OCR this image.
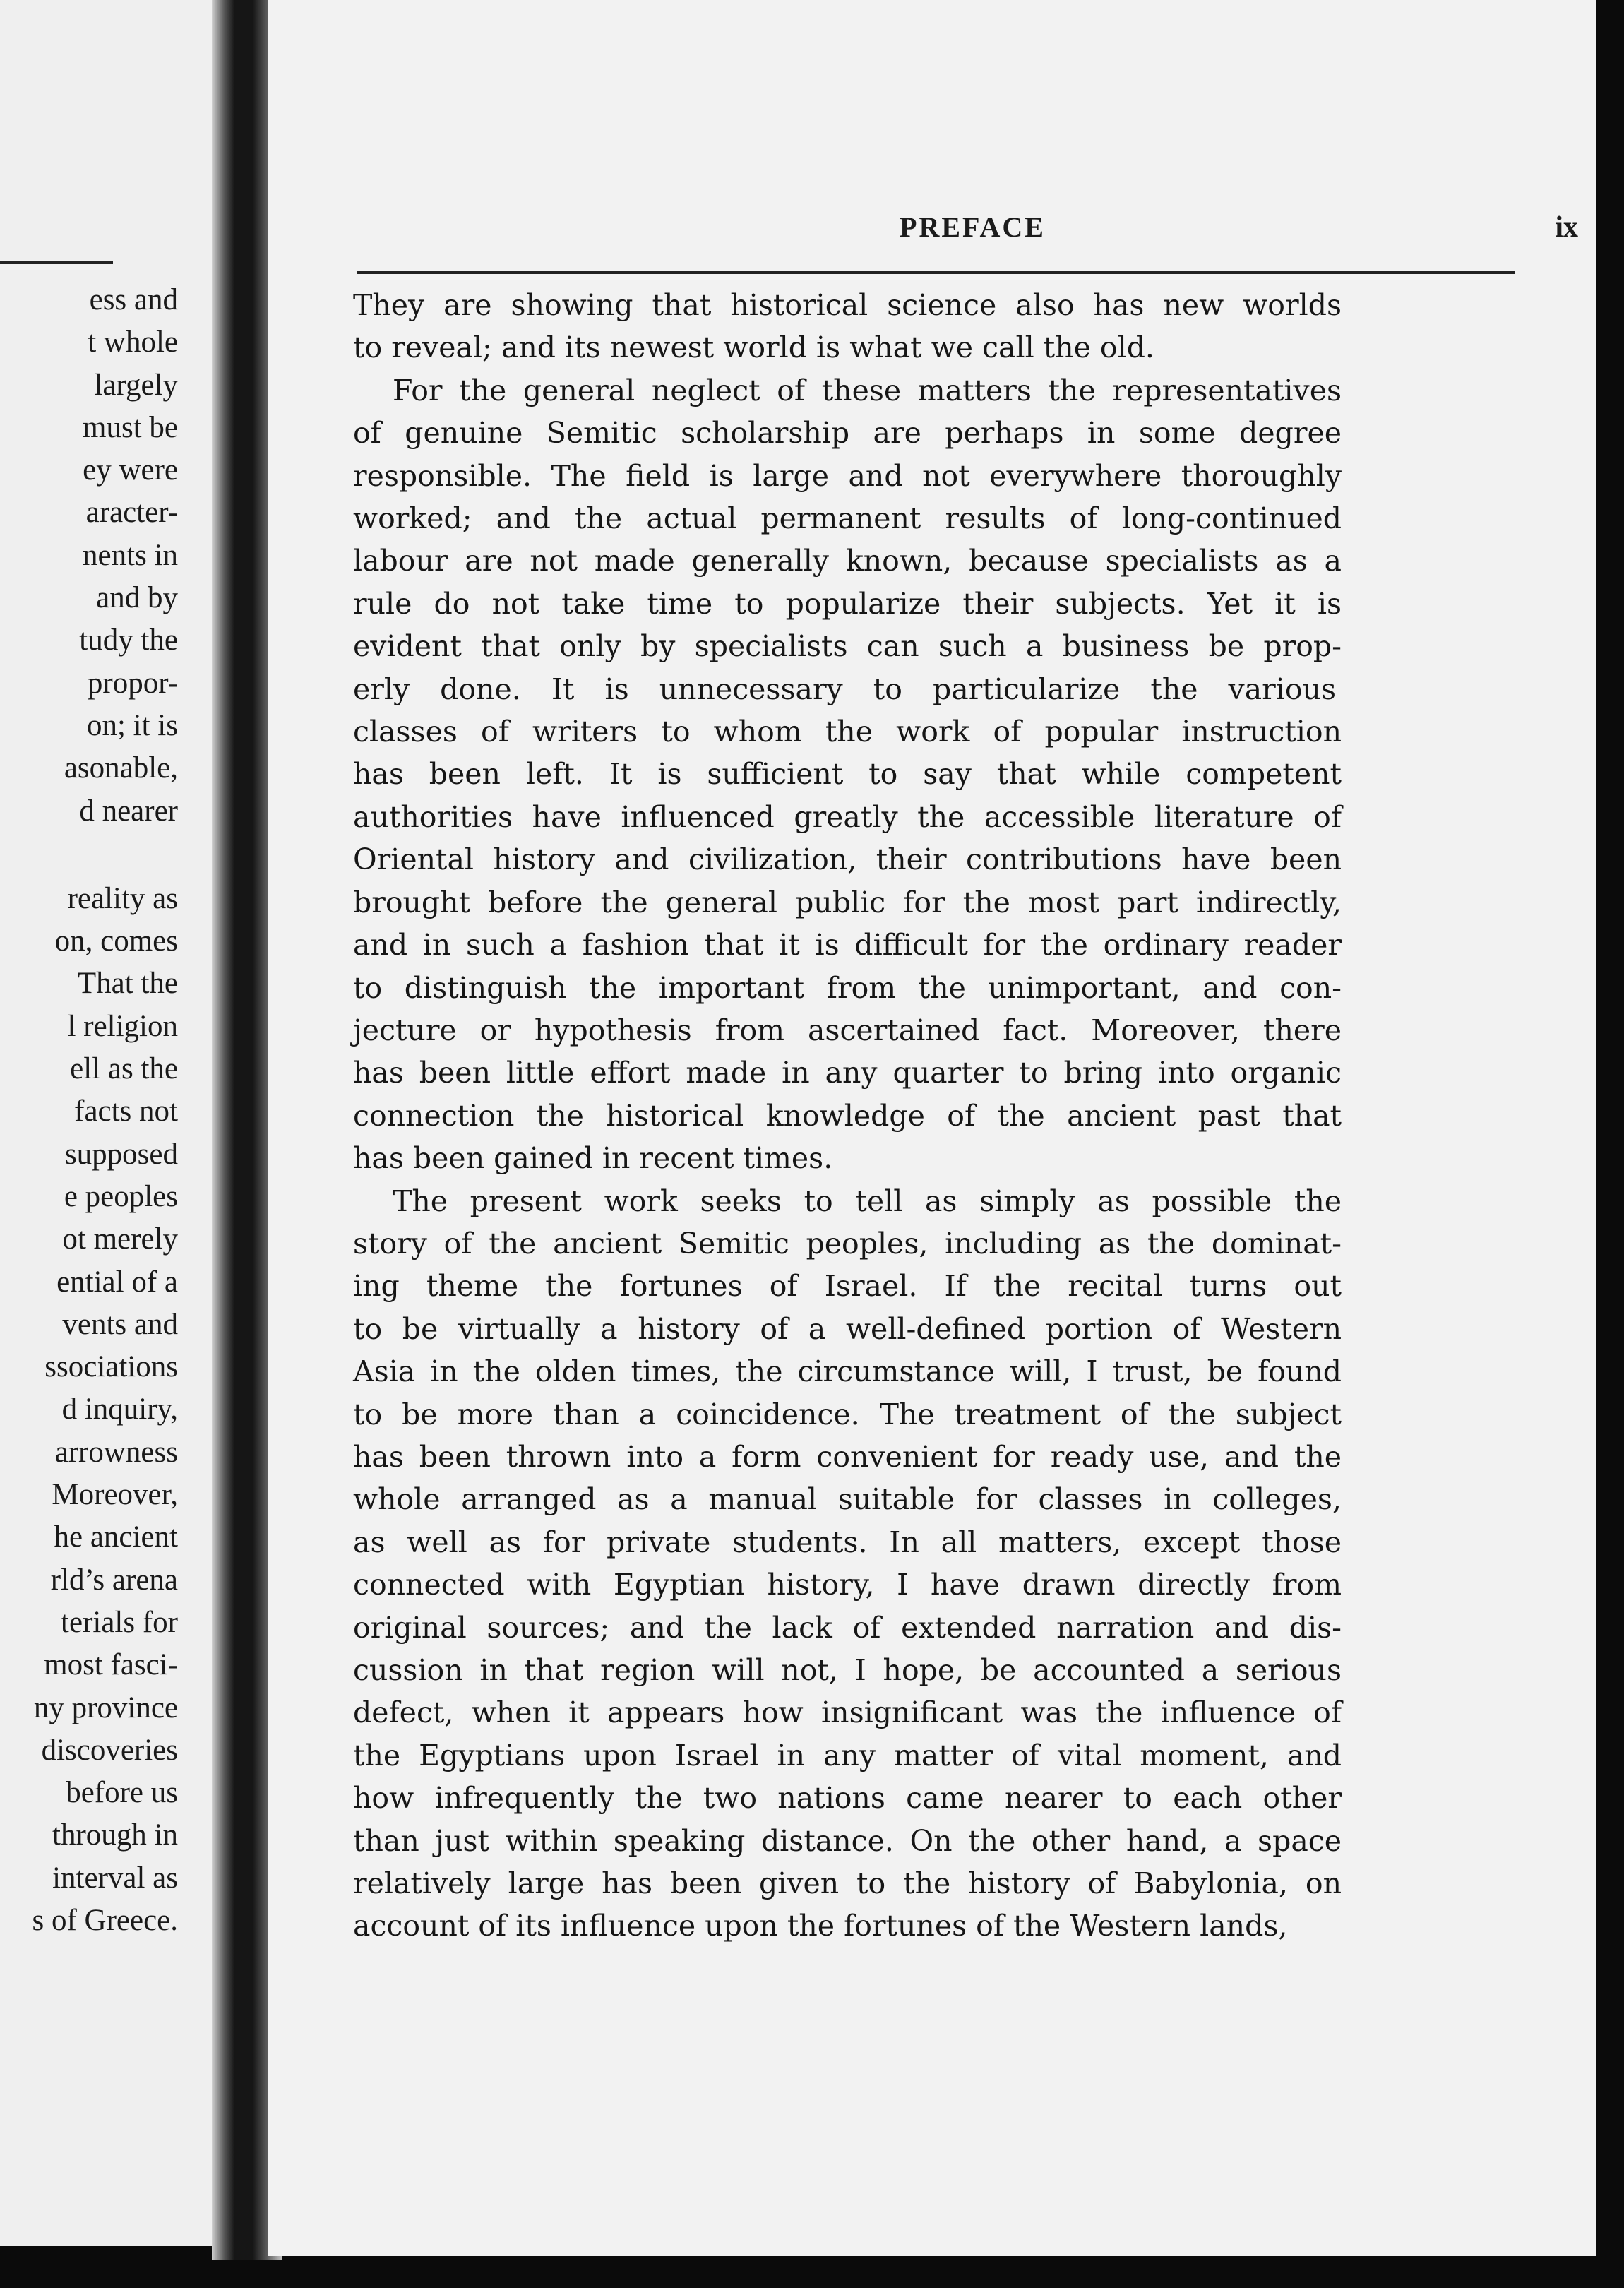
ess and
t whole
largely
must be
ey were
aracter-
nents in
and by
tudy the
propor-
on; it is
asonable,
d nearer
reality as
on, comes
That the
l religion
ell as the
facts not
supposed
e peoples
ot merely
ential of a
vents and
ssociations
d inquiry,
arrowness
Moreover,
he ancient
rld’s arena
terials for
most fasci-
ny province
discoveries
before us
through in
interval as
s of Greece.
PREFACE	ix
They are showing that historical science also has new worlds
to reveal; and its newest world is what we call the old.
For the general neglect of these matters the representatives
of genuine Semitic scholarship are perhaps in some degree
responsible. The field is large and not everywhere thoroughly
worked; and the actual permanent results of long-continued
labour are not made generally known, because specialists as a
rule do not take time to popularize their subjects. Yet it is
evident that only by specialists can such a business be prop-
erly done. It is unnecessary to particularize the various
classes of writers to whom the work of popular instruction
has been left. It is sufficient to say that while competent
authorities have influenced greatly the accessible literature of
Oriental history and civilization, their contributions have been
brought before the general public for the most part indirectly,
and in such a fashion that it is difficult for the ordinary reader
to distinguish the important from the unimportant, and con-
jecture or hypothesis from ascertained fact. Moreover, there
has been little effort made in any quarter to bring into organic
connection the historical knowledge of the ancient past that
has been gained in recent times.
The present work seeks to tell as simply as possible the
story of the ancient Semitic peoples, including as the dominat-
ing theme the fortunes of Israel. If the recital turns out
to be virtually a history of a well-defined portion of Western
Asia in the olden times, the circumstance will, I trust, be found
to be more than a coincidence. The treatment of the subject
has been thrown into a form convenient for ready use, and the
whole arranged as a manual suitable for classes in colleges,
as well as for private students. In all matters, except those
connected with Egyptian history, I have drawn directly from
original sources; and the lack of extended narration and dis-
cussion in that region will not, I hope, be accounted a serious
defect, when it appears how insignificant was the influence of
the Egyptians upon Israel in any matter of vital moment, and
how infrequently the two nations came nearer to each other
than just within speaking distance. On the other hand, a space
relatively large has been given to the history of Babylonia, on
account of its influence upon the fortunes of the Western lands,
